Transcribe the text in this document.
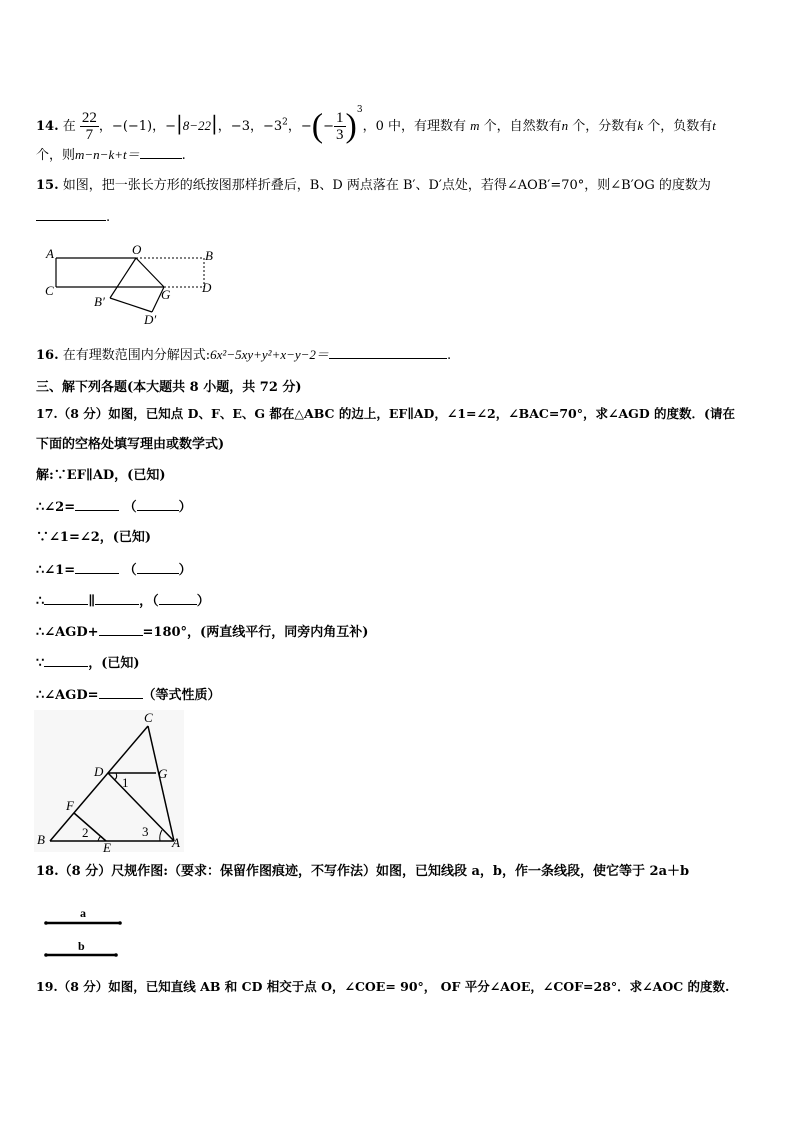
14. 在 $\frac{22}{7}$ ，−(−1)，−|8−22|，−3，$-3^2$，−(− $\frac{1}{3} )^3$，0 中，有理数有 m 个，自然数有n 个，分数有k 个，负数有t
个，则m−n−k+t＝	.
15. 如图，把一张长方形的纸按图那样折叠后，B、D 两点落在 B′、D′点处，若得∠AOB′=70°，则∠B′OG 的度数为
.
A	O	B
C	D
G
B′
D′
16. 在有理数范围内分解因式:6x²−5xy+y²+x−y−2＝	.
三、解下列各题(本大题共 8 小题，共 72 分)
17.（8 分）如图，已知点 D、F、E、G 都在△ABC 的边上，EF∥AD，∠1=∠2，∠BAC=70°，求∠AGD 的度数．(请在
下面的空格处填写理由或数学式)
解:∵EF∥AD，(已知)
∴∠2=	（	）
∵∠1=∠2，(已知)
∴∠1=	（	）
∴	∥	，（	）
∴∠AGD+	=180°，(两直线平行，同旁内角互补)
∵	，(已知)
∴∠AGD=	（等式性质）
C
D	G
1
F
2	3
B
E	A
18.（8 分）尺规作图:（要求：保留作图痕迹，不写作法）如图，已知线段 a，b，作一条线段，使它等于 2a＋b
a
b
19.（8 分）如图，已知直线 AB 和 CD 相交于点 O，∠COE= 90°， OF 平分∠AOE，∠COF=28°．求∠AOC 的度数.
